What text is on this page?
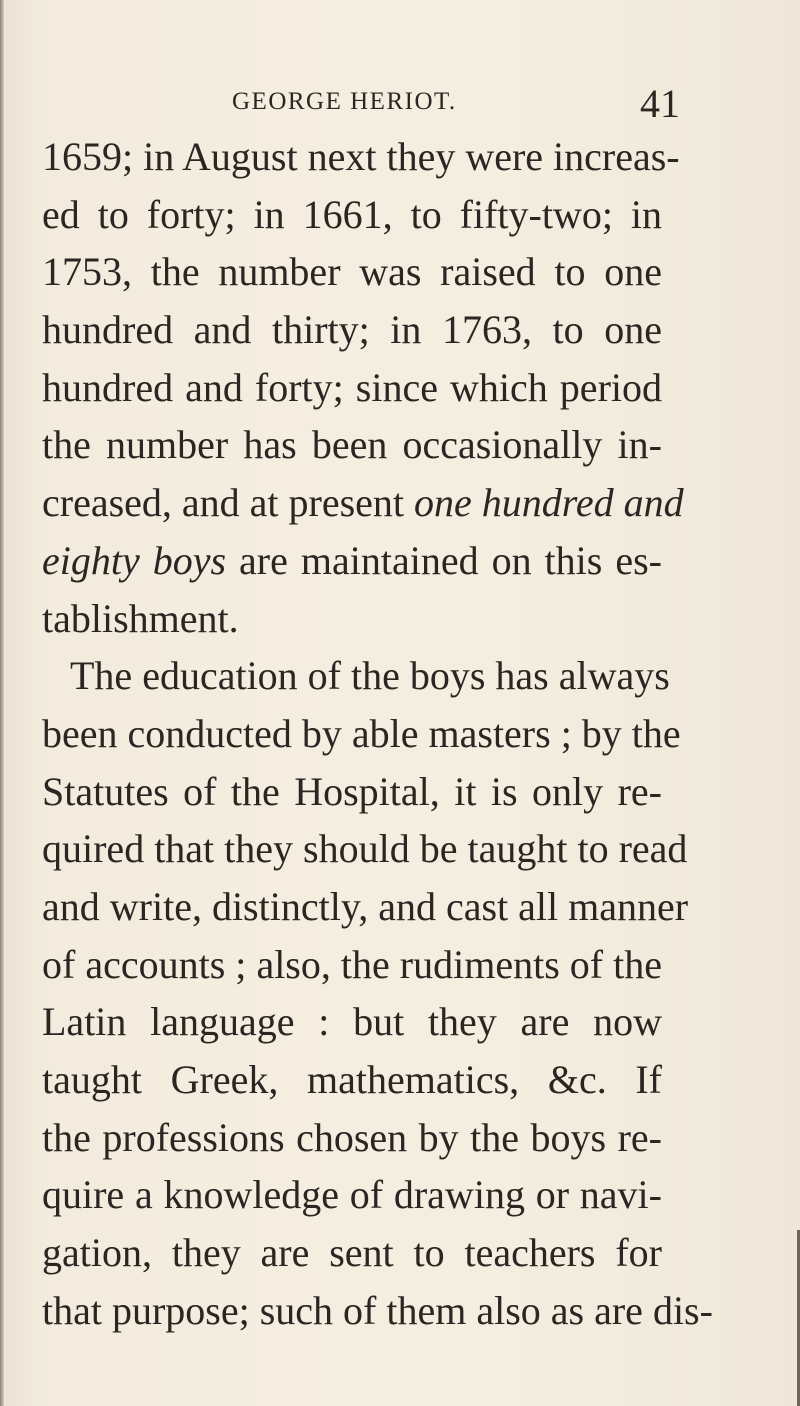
GEORGE HERIOT.	41
1659; in August next they were increas-
ed to forty; in 1661, to fifty-two; in
1753, the number was raised to one
hundred and thirty; in 1763, to one
hundred and forty; since which period
the number has been occasionally in-
creased, and at present one hundred and
eighty boys are maintained on this es-
tablishment.
The education of the boys has always
been conducted by able masters ; by the
Statutes of the Hospital, it is only re-
quired that they should be taught to read
and write, distinctly, and cast all manner
of accounts ; also, the rudiments of the
Latin language : but they are now
taught Greek, mathematics, &c. If
the professions chosen by the boys re-
quire a knowledge of drawing or navi-
gation, they are sent to teachers for
that purpose; such of them also as are dis-
